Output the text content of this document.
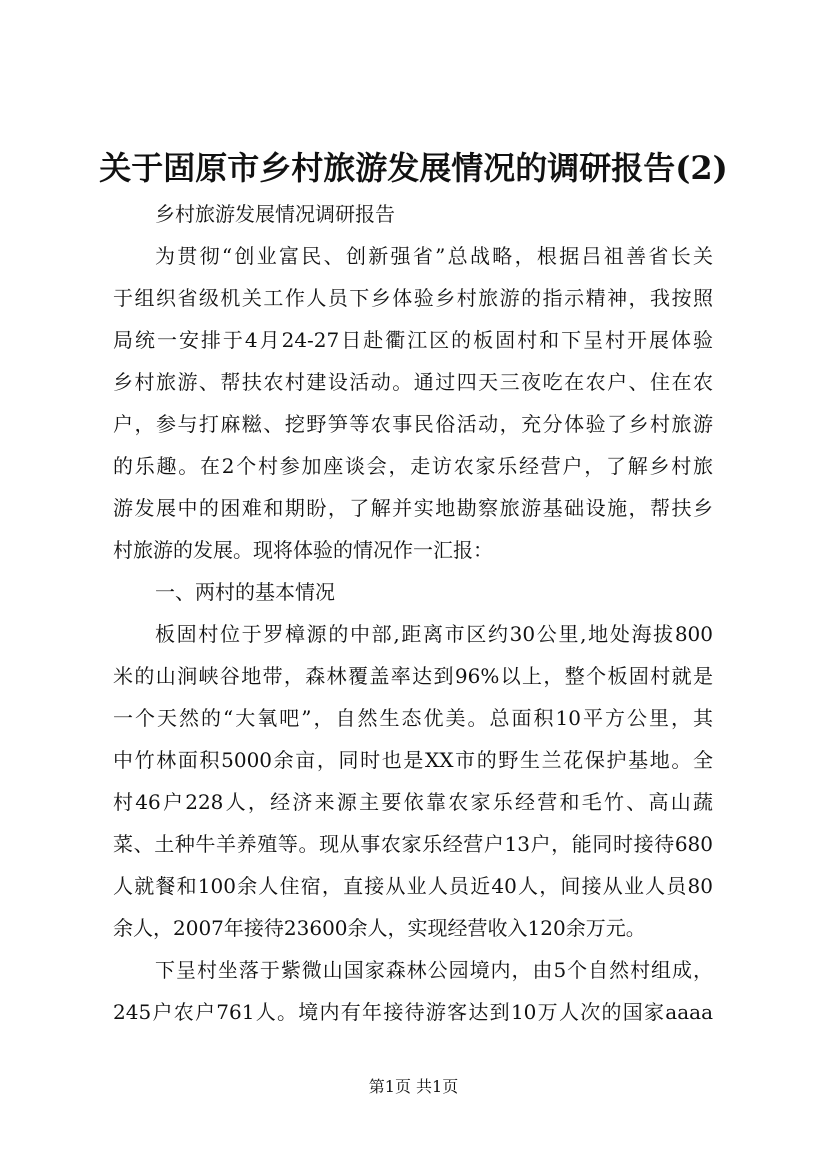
关于固原市乡村旅游发展情况的调研报告(2)
乡村旅游发展情况调研报告
为贯彻“创业富民、创新强省”总战略，根据吕祖善省长关
于组织省级机关工作人员下乡体验乡村旅游的指示精神，我按照
局统一安排于4月24-27日赴衢江区的板固村和下呈村开展体验
乡村旅游、帮扶农村建设活动。通过四天三夜吃在农户、住在农
户，参与打麻糍、挖野笋等农事民俗活动，充分体验了乡村旅游
的乐趣。在2个村参加座谈会，走访农家乐经营户，了解乡村旅
游发展中的困难和期盼，了解并实地勘察旅游基础设施，帮扶乡
村旅游的发展。现将体验的情况作一汇报：
一、两村的基本情况
板固村位于罗樟源的中部,距离市区约30公里,地处海拔800
米的山涧峡谷地带，森林覆盖率达到96%以上，整个板固村就是
一个天然的“大氧吧”，自然生态优美。总面积10平方公里，其
中竹林面积5000余亩，同时也是XX市的野生兰花保护基地。全
村46户228人，经济来源主要依靠农家乐经营和毛竹、高山蔬
菜、土种牛羊养殖等。现从事农家乐经营户13户，能同时接待680
人就餐和100余人住宿，直接从业人员近40人，间接从业人员80
余人，2007年接待23600余人，实现经营收入120余万元。
下呈村坐落于紫微山国家森林公园境内，由5个自然村组成，
245户农户761人。境内有年接待游客达到10万人次的国家aaaa
第1页 共1页
